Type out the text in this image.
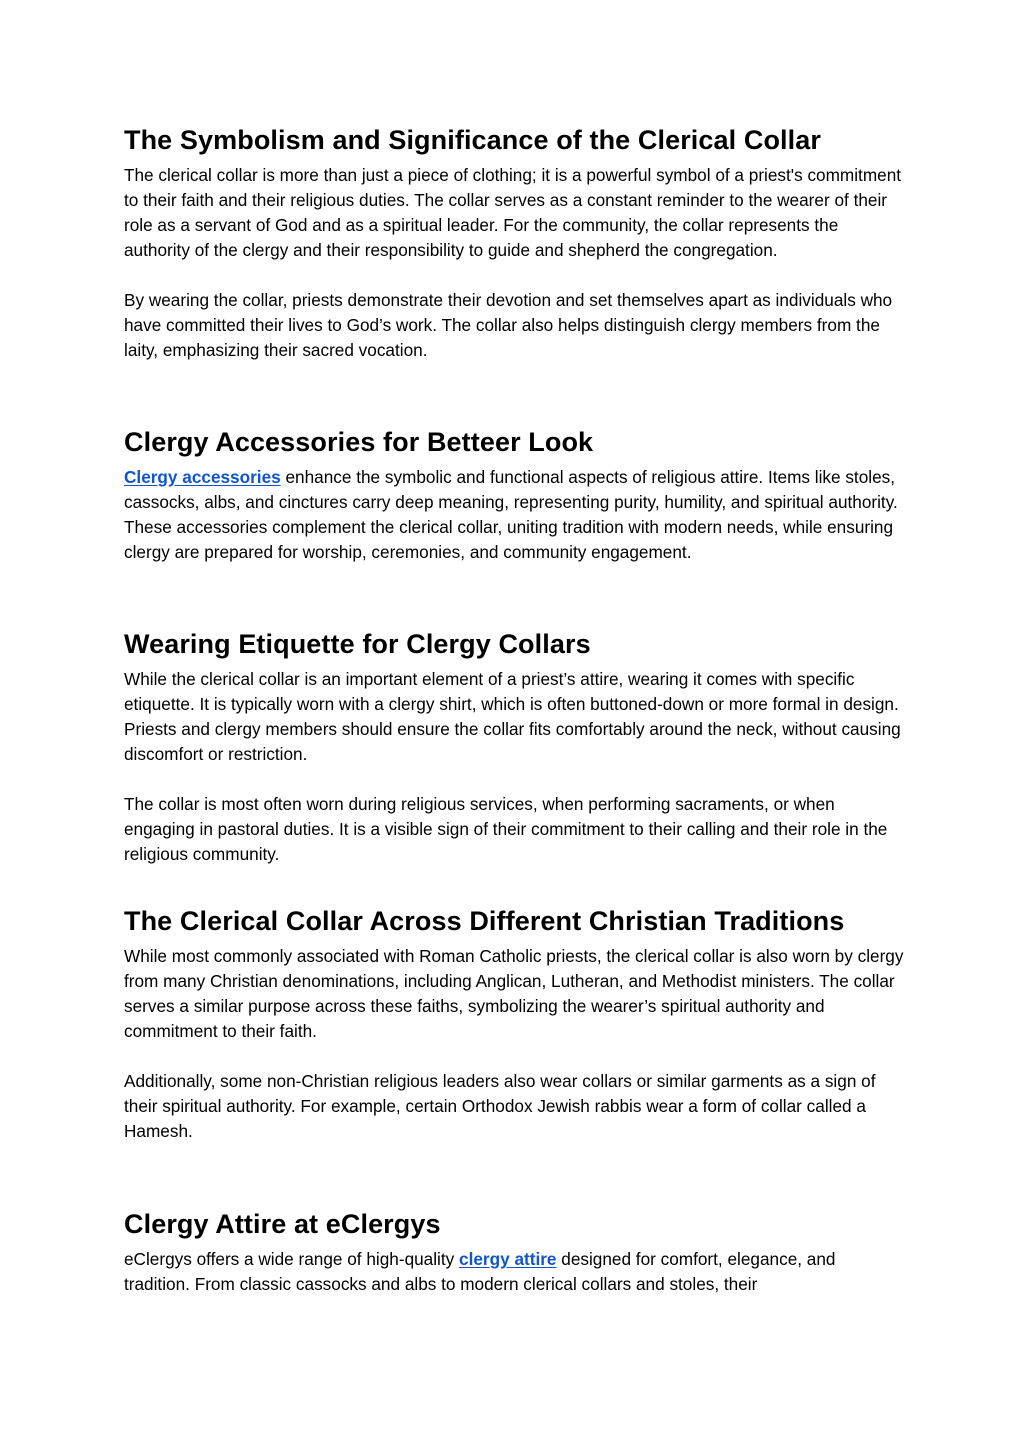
The Symbolism and Significance of the Clerical Collar

The clerical collar is more than just a piece of clothing; it is a powerful symbol of a priest's commitment to their faith and their religious duties. The collar serves as a constant reminder to the wearer of their role as a servant of God and as a spiritual leader. For the community, the collar represents the authority of the clergy and their responsibility to guide and shepherd the congregation.

By wearing the collar, priests demonstrate their devotion and set themselves apart as individuals who have committed their lives to God’s work. The collar also helps distinguish clergy members from the laity, emphasizing their sacred vocation.

Clergy Accessories for Betteer Look

Clergy accessories enhance the symbolic and functional aspects of religious attire. Items like stoles, cassocks, albs, and cinctures carry deep meaning, representing purity, humility, and spiritual authority. These accessories complement the clerical collar, uniting tradition with modern needs, while ensuring clergy are prepared for worship, ceremonies, and community engagement.

Wearing Etiquette for Clergy Collars

While the clerical collar is an important element of a priest’s attire, wearing it comes with specific etiquette. It is typically worn with a clergy shirt, which is often buttoned-down or more formal in design. Priests and clergy members should ensure the collar fits comfortably around the neck, without causing discomfort or restriction.

The collar is most often worn during religious services, when performing sacraments, or when engaging in pastoral duties. It is a visible sign of their commitment to their calling and their role in the religious community.

The Clerical Collar Across Different Christian Traditions

While most commonly associated with Roman Catholic priests, the clerical collar is also worn by clergy from many Christian denominations, including Anglican, Lutheran, and Methodist ministers. The collar serves a similar purpose across these faiths, symbolizing the wearer’s spiritual authority and commitment to their faith.

Additionally, some non-Christian religious leaders also wear collars or similar garments as a sign of their spiritual authority. For example, certain Orthodox Jewish rabbis wear a form of collar called a Hamesh.

Clergy Attire at eClergys

eClergys offers a wide range of high-quality clergy attire designed for comfort, elegance, and tradition. From classic cassocks and albs to modern clerical collars and stoles, their
